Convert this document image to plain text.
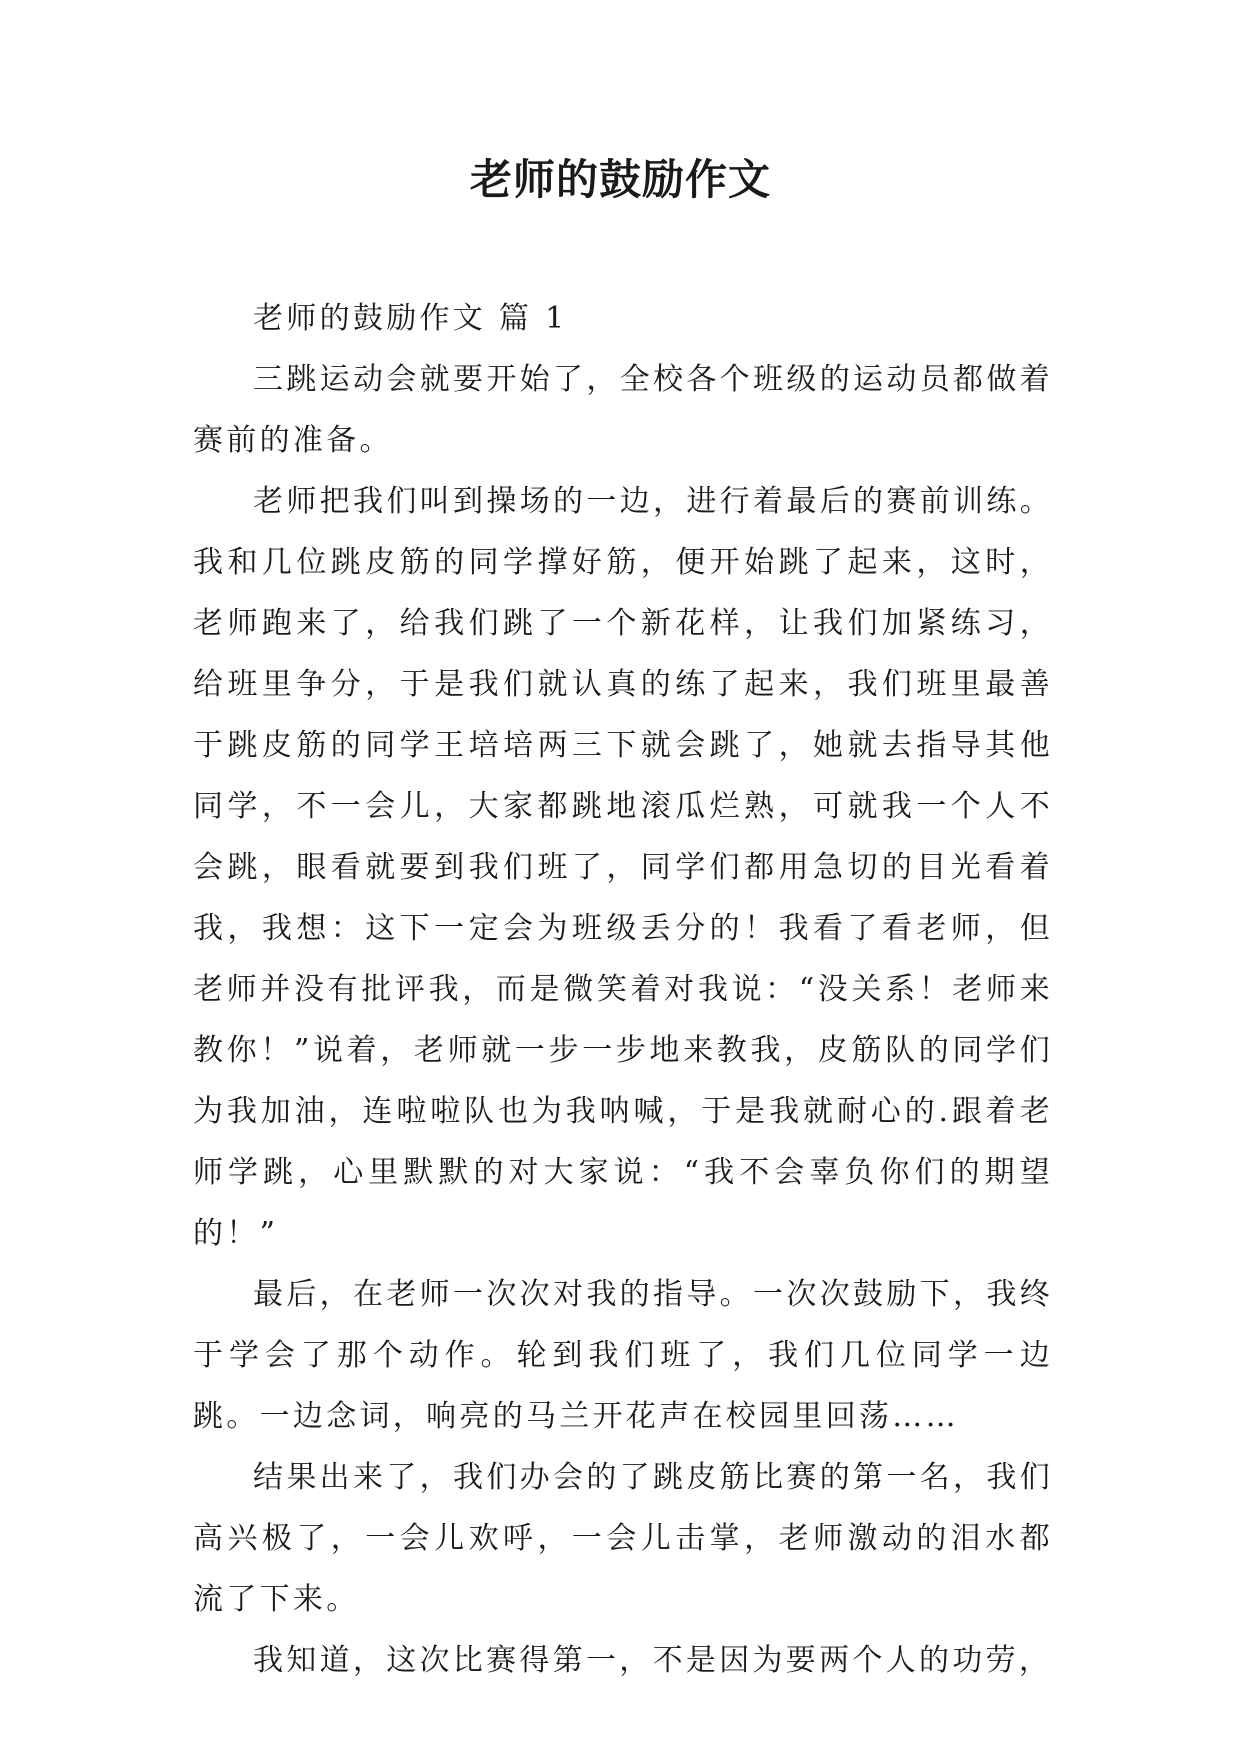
老师的鼓励作文

老师的鼓励作文 篇 1

三跳运动会就要开始了，全校各个班级的运动员都做着赛前的准备。

老师把我们叫到操场的一边，进行着最后的赛前训练。我和几位跳皮筋的同学撑好筋，便开始跳了起来，这时，老师跑来了，给我们跳了一个新花样，让我们加紧练习，给班里争分，于是我们就认真的练了起来，我们班里最善于跳皮筋的同学王培培两三下就会跳了，她就去指导其他同学，不一会儿，大家都跳地滚瓜烂熟，可就我一个人不会跳，眼看就要到我们班了，同学们都用急切的目光看着我，我想：这下一定会为班级丢分的！我看了看老师，但老师并没有批评我，而是微笑着对我说：“没关系！老师来教你！”说着，老师就一步一步地来教我，皮筋队的同学们为我加油，连啦啦队也为我呐喊，于是我就耐心的.跟着老师学跳，心里默默的对大家说：“我不会辜负你们的期望的！”

最后，在老师一次次对我的指导。一次次鼓励下，我终于学会了那个动作。轮到我们班了，我们几位同学一边跳。一边念词，响亮的马兰开花声在校园里回荡……

结果出来了，我们办会的了跳皮筋比赛的第一名，我们高兴极了，一会儿欢呼，一会儿击掌，老师激动的泪水都流了下来。

我知道，这次比赛得第一，不是因为要两个人的功劳，
